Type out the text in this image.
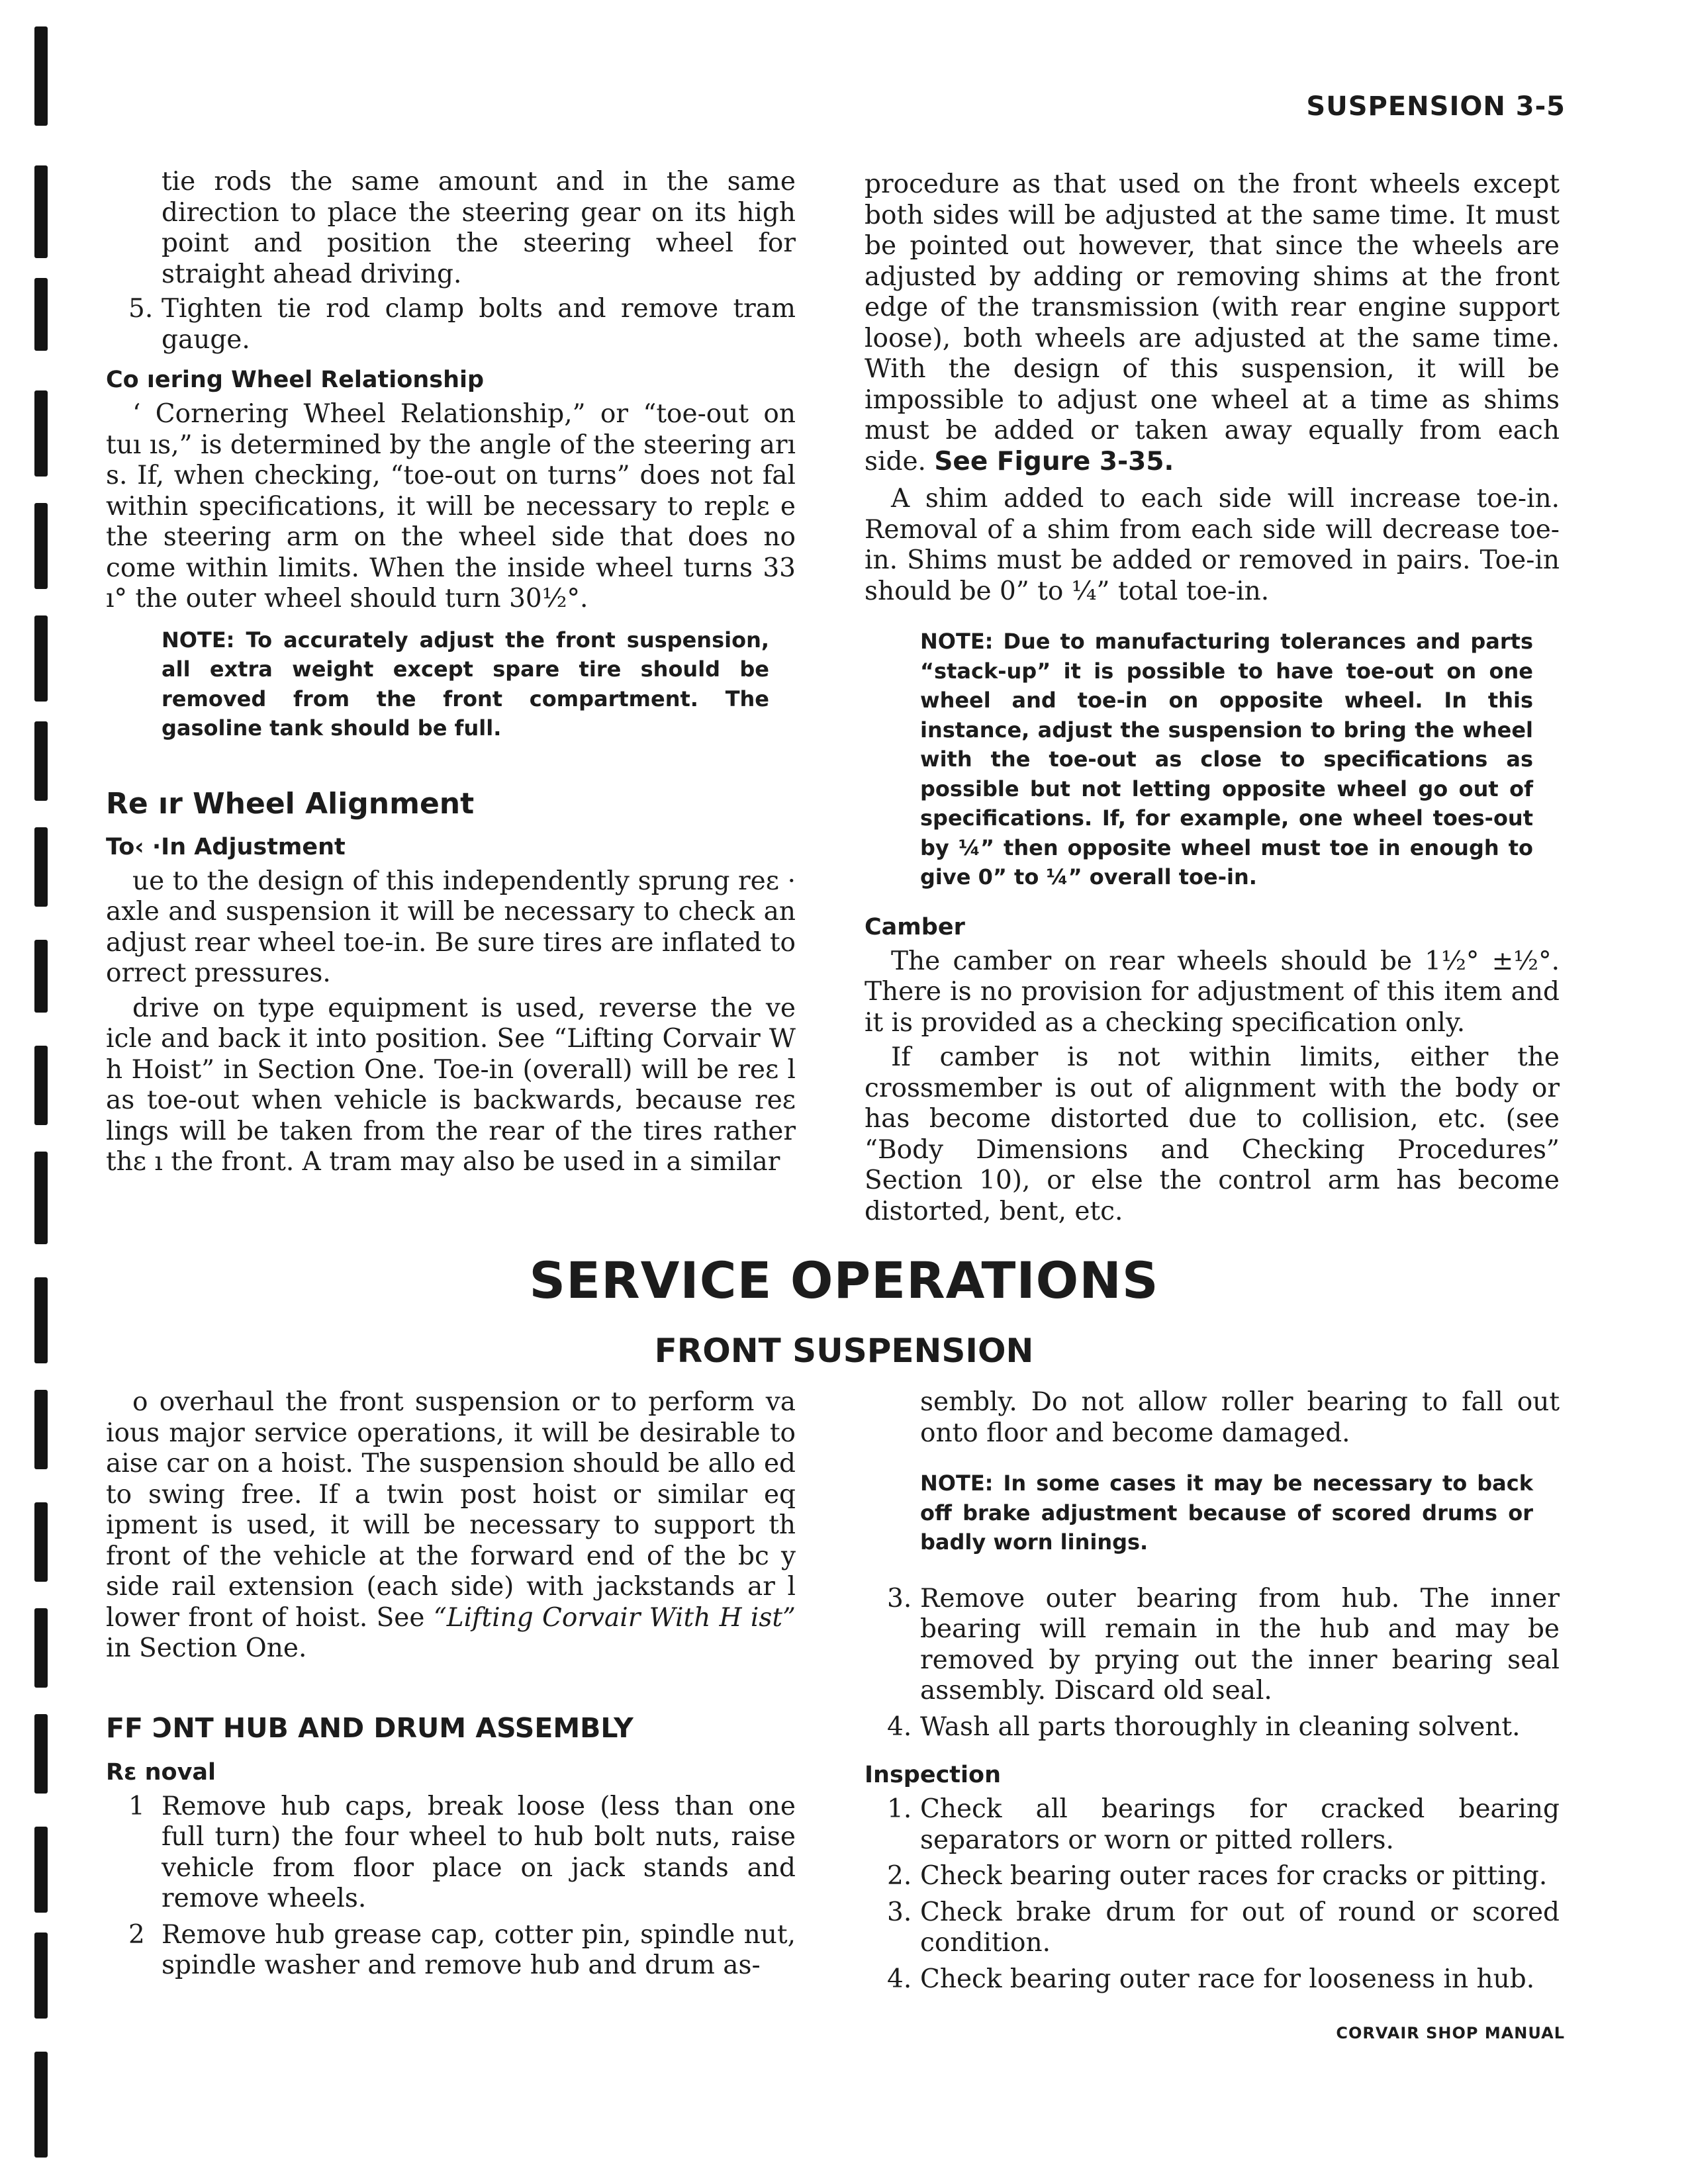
SUSPENSION 3-5

tie rods the same amount and in the same direction to place the steering gear on its high point and position the steering wheel for straight ahead driving.

5. Tighten tie rod clamp bolts and remove tram gauge.
Co ıering Wheel Relationship

‘ Cornering Wheel Relationship,” or “toe-out on tuı ıs,” is determined by the angle of the steering arı s. If, when checking, “toe-out on turns” does not fal within specifications, it will be necessary to replε e the steering arm on the wheel side that does no come within limits. When the inside wheel turns 33 ı° the outer wheel should turn 30½°.

NOTE: To accurately adjust the front suspension, all extra weight except spare tire should be removed from the front compartment. The gasoline tank should be full.
Re ır Wheel Alignment
To‹ ·In Adjustment

ue to the design of this independently sprung reε · axle and suspension it will be necessary to check an adjust rear wheel toe-in. Be sure tires are inflated to orrect pressures.

drive on type equipment is used, reverse the ve icle and back it into position. See “Lifting Corvair W h Hoist” in Section One. Toe-in (overall) will be reε l as toe-out when vehicle is backwards, because reε lings will be taken from the rear of the tires rather thε ı the front. A tram may also be used in a similar

procedure as that used on the front wheels except both sides will be adjusted at the same time. It must be pointed out however, that since the wheels are adjusted by adding or removing shims at the front edge of the transmission (with rear engine support loose), both wheels are adjusted at the same time. With the design of this suspension, it will be impossible to adjust one wheel at a time as shims must be added or taken away equally from each side. See Figure 3-35.

A shim added to each side will increase toe-in. Removal of a shim from each side will decrease toe-in. Shims must be added or removed in pairs. Toe-in should be 0” to ¼” total toe-in.

NOTE: Due to manufacturing tolerances and parts “stack-up” it is possible to have toe-out on one wheel and toe-in on opposite wheel. In this instance, adjust the suspension to bring the wheel with the toe-out as close to specifications as possible but not letting opposite wheel go out of specifications. If, for example, one wheel toes-out by ¼” then opposite wheel must toe in enough to give 0” to ¼” overall toe-in.
Camber

The camber on rear wheels should be 1½° ±½°. There is no provision for adjustment of this item and it is provided as a checking specification only.

If camber is not within limits, either the crossmember is out of alignment with the body or has become distorted due to collision, etc. (see “Body Dimensions and Checking Procedures” Section 10), or else the control arm has become distorted, bent, etc.

SERVICE OPERATIONS
FRONT SUSPENSION

o overhaul the front suspension or to perform va ious major service operations, it will be desirable to aise car on a hoist. The suspension should be allo ed to swing free. If a twin post hoist or similar eq ipment is used, it will be necessary to support th front of the vehicle at the forward end of the bc y side rail extension (each side) with jackstands ar l lower front of hoist. See “Lifting Corvair With H ist” in Section One.

FF ƆNT HUB AND DRUM ASSEMBLY
Rε noval
1 Remove hub caps, break loose (less than one full turn) the four wheel to hub bolt nuts, raise vehicle from floor place on jack stands and remove wheels.
2 Remove hub grease cap, cotter pin, spindle nut, spindle washer and remove hub and drum as-

sembly. Do not allow roller bearing to fall out onto floor and become damaged.

NOTE: In some cases it may be necessary to back off brake adjustment because of scored drums or badly worn linings.
3. Remove outer bearing from hub. The inner bearing will remain in the hub and may be removed by prying out the inner bearing seal assembly. Discard old seal.
4. Wash all parts thoroughly in cleaning solvent.
Inspection
1. Check all bearings for cracked bearing separators or worn or pitted rollers.
2. Check bearing outer races for cracks or pitting.
3. Check brake drum for out of round or scored condition.
4. Check bearing outer race for looseness in hub.
CORVAIR SHOP MANUAL
